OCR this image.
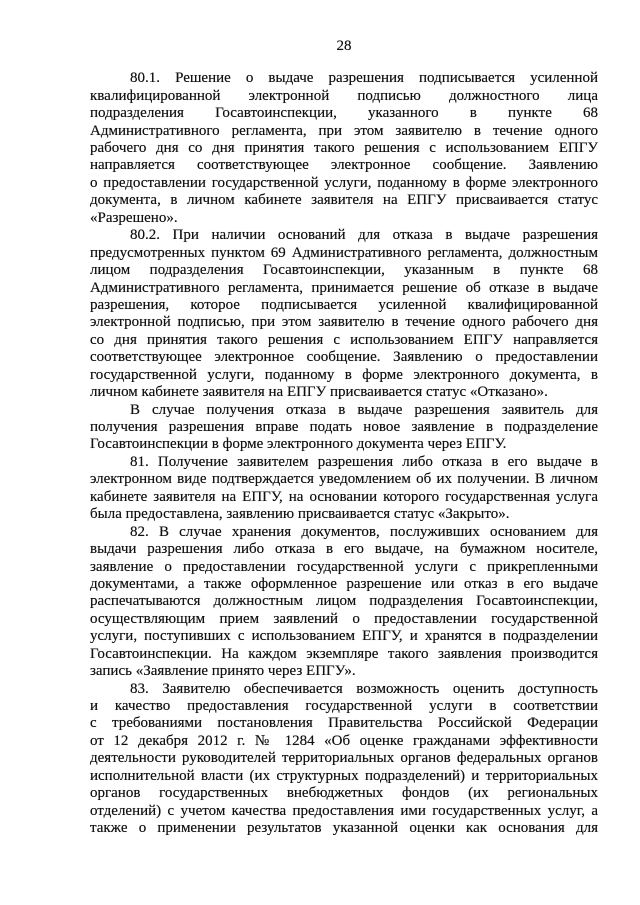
28
80.1. Решение о выдаче разрешения подписывается усиленной
квалифицированной электронной подписью должностного лица
подразделения Госавтоинспекции, указанного в пункте 68
Административного регламента, при этом заявителю в течение одного
рабочего дня со дня принятия такого решения с использованием ЕПГУ
направляется соответствующее электронное сообщение. Заявлению
о предоставлении государственной услуги, поданному в форме электронного
документа, в личном кабинете заявителя на ЕПГУ присваивается статус
«Разрешено».
80.2. При наличии оснований для отказа в выдаче разрешения
предусмотренных пунктом 69 Административного регламента, должностным
лицом подразделения Госавтоинспекции, указанным в пункте 68
Административного регламента, принимается решение об отказе в выдаче
разрешения, которое подписывается усиленной квалифицированной
электронной подписью, при этом заявителю в течение одного рабочего дня
со дня принятия такого решения с использованием ЕПГУ направляется
соответствующее электронное сообщение. Заявлению о предоставлении
государственной услуги, поданному в форме электронного документа, в
личном кабинете заявителя на ЕПГУ присваивается статус «Отказано».
В случае получения отказа в выдаче разрешения заявитель для
получения разрешения вправе подать новое заявление в подразделение
Госавтоинспекции в форме электронного документа через ЕПГУ.
81. Получение заявителем разрешения либо отказа в его выдаче в
электронном виде подтверждается уведомлением об их получении. В личном
кабинете заявителя на ЕПГУ, на основании которого государственная услуга
была предоставлена, заявлению присваивается статус «Закрыто».
82. В случае хранения документов, послуживших основанием для
выдачи разрешения либо отказа в его выдаче, на бумажном носителе,
заявление о предоставлении государственной услуги с прикрепленными
документами, а также оформленное разрешение или отказ в его выдаче
распечатываются должностным лицом подразделения Госавтоинспекции,
осуществляющим прием заявлений о предоставлении государственной
услуги, поступивших с использованием ЕПГУ, и хранятся в подразделении
Госавтоинспекции. На каждом экземпляре такого заявления производится
запись «Заявление принято через ЕПГУ».
83. Заявителю обеспечивается возможность оценить доступность
и качество предоставления государственной услуги в соответствии
с требованиями постановления Правительства Российской Федерации
от 12 декабря 2012 г. № 1284 «Об оценке гражданами эффективности
деятельности руководителей территориальных органов федеральных органов
исполнительной власти (их структурных подразделений) и территориальных
органов государственных внебюджетных фондов (их региональных
отделений) с учетом качества предоставления ими государственных услуг, а
также о применении результатов указанной оценки как основания для
